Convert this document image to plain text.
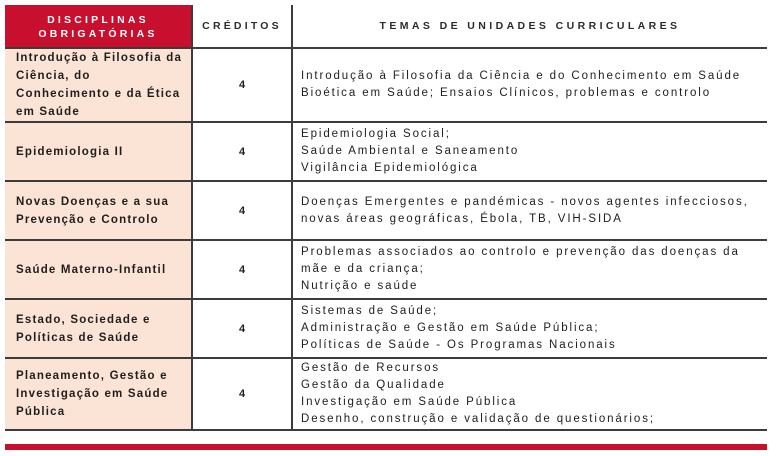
DISCIPLINAS
OBRIGATÓRIAS	CRÉDITOS	TEMAS DE UNIDADES CURRICULARES
Introdução à Filosofia da Ciência, do Conhecimento e da Ética em Saúde	4	Introdução à Filosofia da Ciência e do Conhecimento em Saúde
Bioética em Saúde; Ensaios Clínicos, problemas e controlo

Epidemiologia II	4	Epidemiologia Social;
Saúde Ambiental e Saneamento
Vigilância Epidemiológica

Novas Doenças e a sua Prevenção e Controlo	4	Doenças Emergentes e pandémicas - novos agentes infecciosos, novas áreas geográficas, Ébola, TB, VIH-SIDA

Saúde Materno-Infantil	4	Problemas associados ao controlo e prevenção das doenças da mãe e da criança;
Nutrição e saúde

Estado, Sociedade e Políticas de Saúde	4	Sistemas de Saúde;
Administração e Gestão em Saúde Pública;
Políticas de Saúde - Os Programas Nacionais

Planeamento, Gestão e Investigação em Saúde Pública	4	Gestão de Recursos
Gestão da Qualidade
Investigação em Saúde Pública
Desenho, construção e validação de questionários;
